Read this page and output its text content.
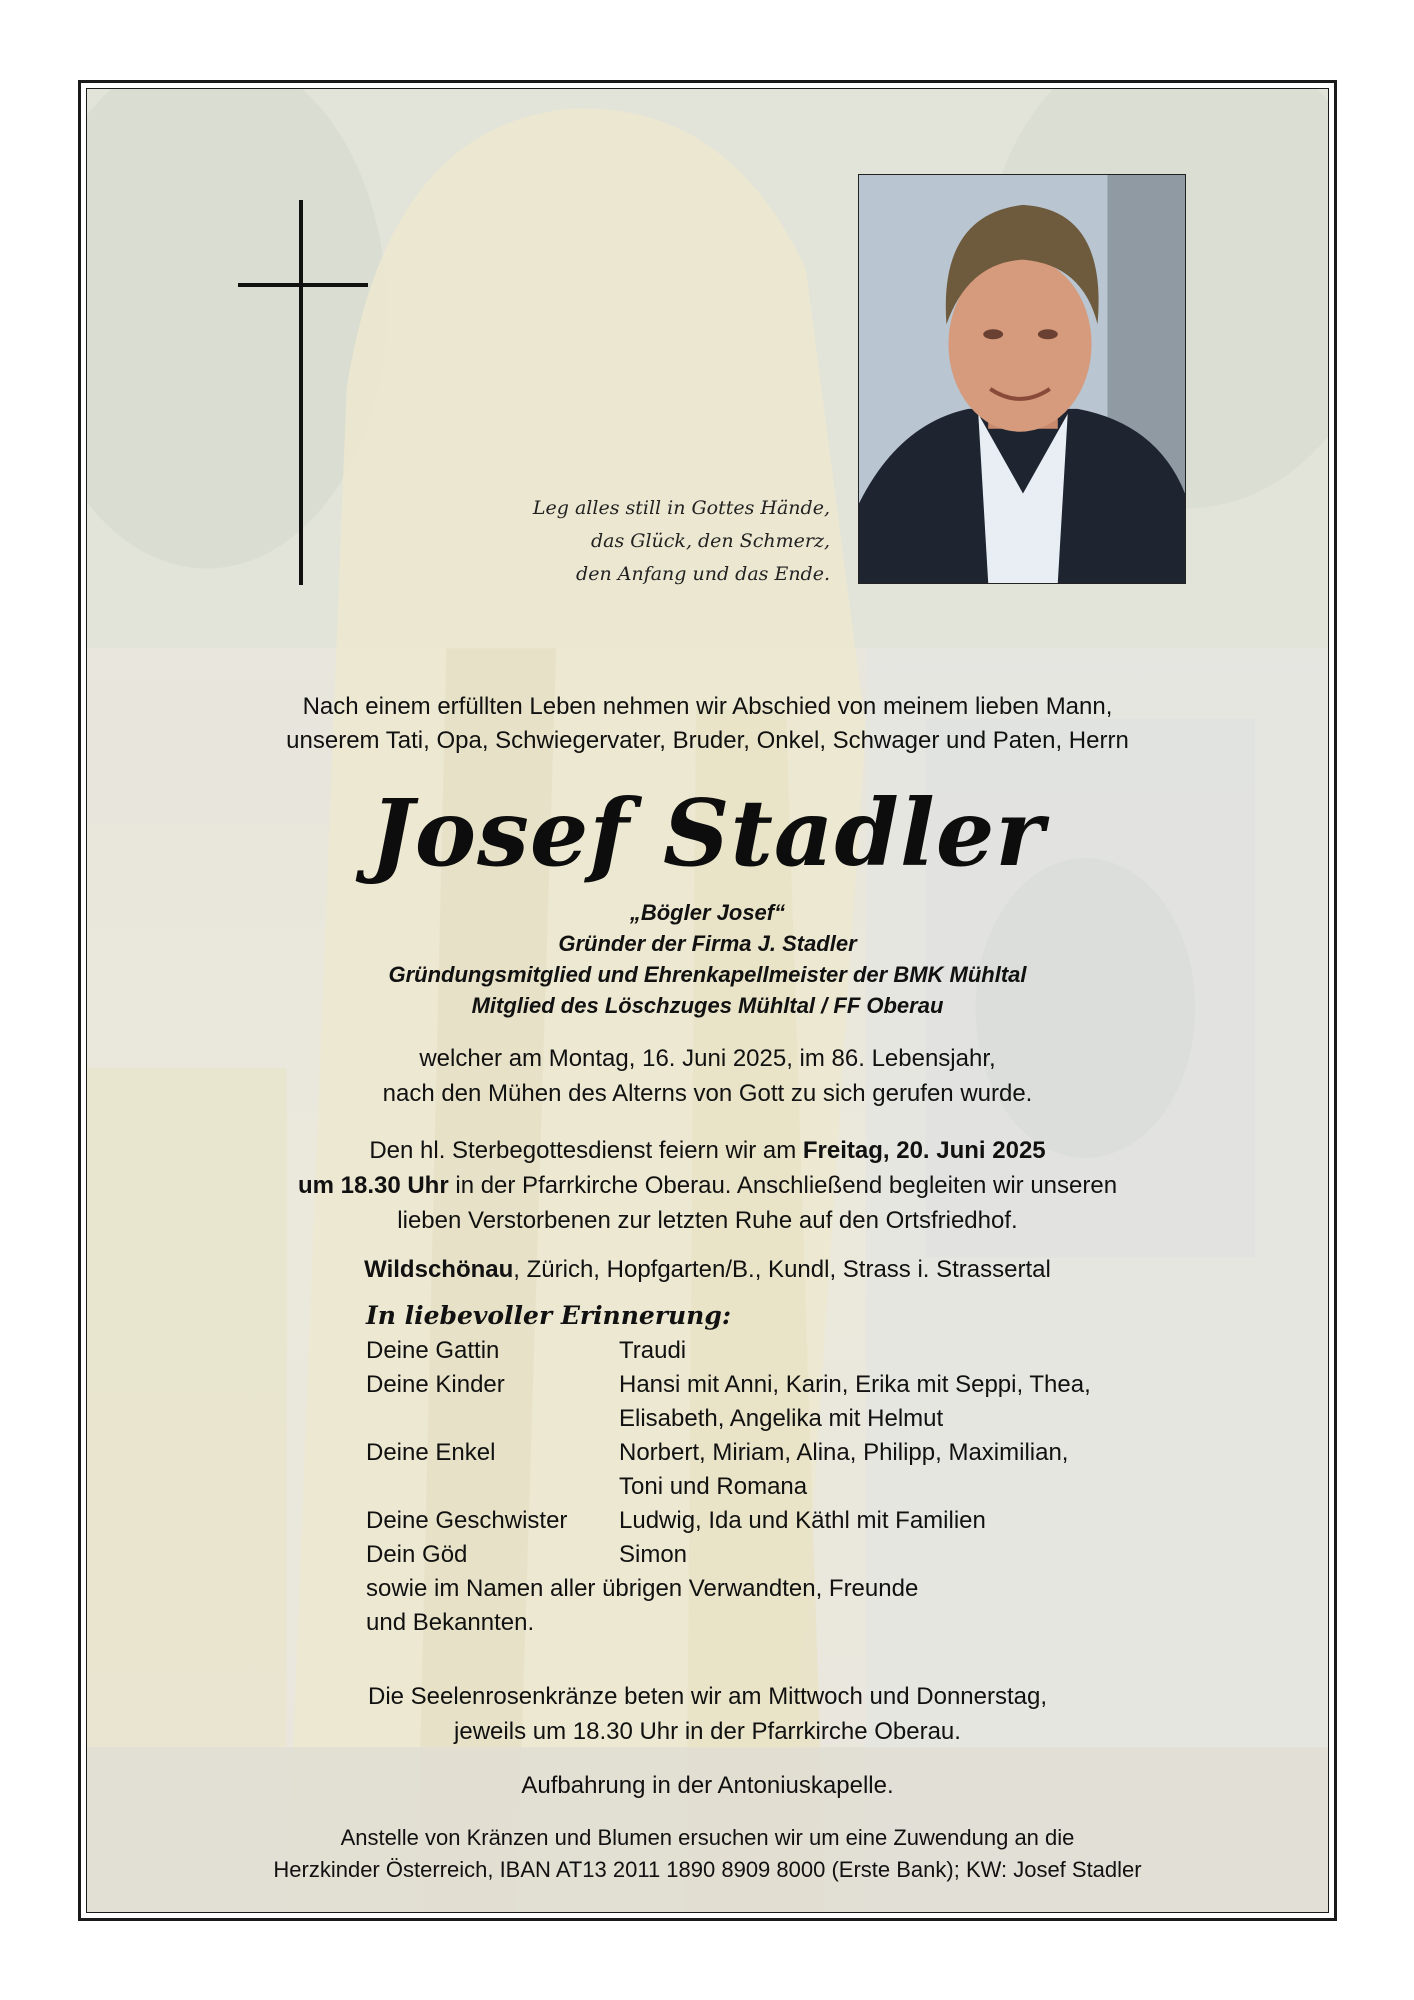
Leg alles still in Gottes Hände,
das Glück, den Schmerz,
den Anfang und das Ende.
Nach einem erfüllten Leben nehmen wir Abschied von meinem lieben Mann,
unserem Tati, Opa, Schwiegervater, Bruder, Onkel, Schwager und Paten, Herrn
Josef Stadler
„Bögler Josef“
Gründer der Firma J. Stadler
Gründungsmitglied und Ehrenkapellmeister der BMK Mühltal
Mitglied des Löschzuges Mühltal / FF Oberau
welcher am Montag, 16. Juni 2025, im 86. Lebensjahr,
nach den Mühen des Alterns von Gott zu sich gerufen wurde.
Den hl. Sterbegottesdienst feiern wir am Freitag, 20. Juni 2025
um 18.30 Uhr in der Pfarrkirche Oberau. Anschließend begleiten wir unseren
lieben Verstorbenen zur letzten Ruhe auf den Ortsfriedhof.
Wildschönau, Zürich, Hopfgarten/B., Kundl, Strass i. Strassertal
In liebevoller Erinnerung:
Deine Gattin	Traudi
Deine Kinder	Hansi mit Anni, Karin, Erika mit Seppi, Thea,
Elisabeth, Angelika mit Helmut
Deine Enkel	Norbert, Miriam, Alina, Philipp, Maximilian,
Toni und Romana
Deine Geschwister	Ludwig, Ida und Käthl mit Familien
Dein Göd	Simon
sowie im Namen aller übrigen Verwandten, Freunde
und Bekannten.
Die Seelenrosenkränze beten wir am Mittwoch und Donnerstag,
jeweils um 18.30 Uhr in der Pfarrkirche Oberau.
Aufbahrung in der Antoniuskapelle.
Anstelle von Kränzen und Blumen ersuchen wir um eine Zuwendung an die
Herzkinder Österreich, IBAN AT13 2011 1890 8909 8000 (Erste Bank); KW: Josef Stadler
